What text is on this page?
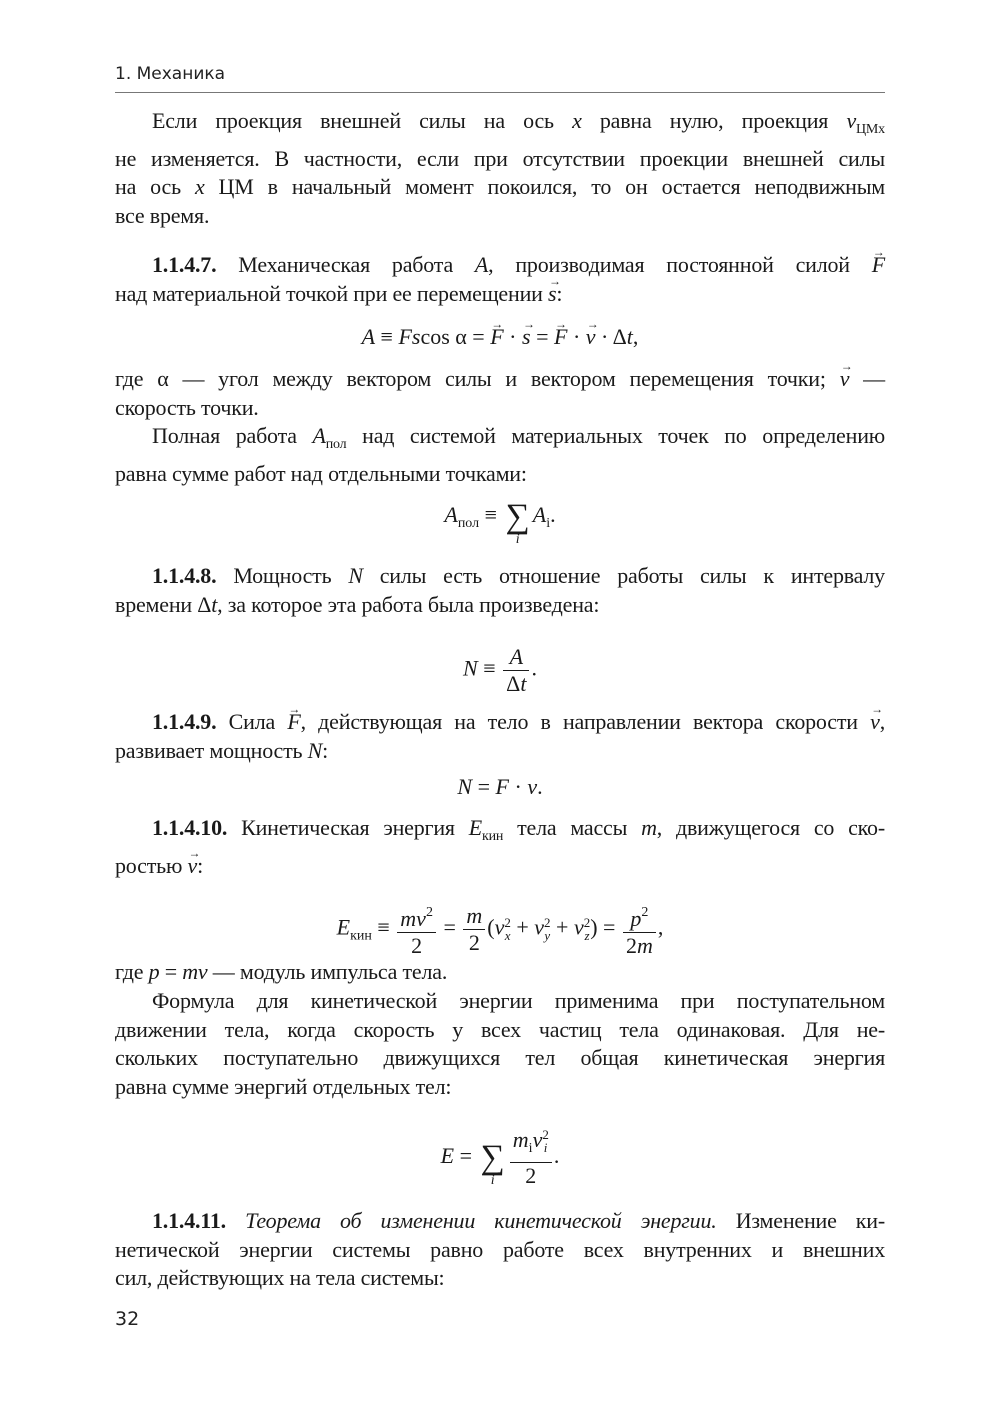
1. Механика
Если проекция внешней силы на ось x равна нулю, проекция $v_{ЦМx}$
не изменяется. В частности, если при отсутствии проекции внешней силы
на ось x ЦМ в начальный момент покоился, то он остается неподвижным
все время.
1.1.4.7. Механическая работа A, производимая постоянной силой F →
над материальной точкой при ее перемещении s →:
A ≡ Fscos α = F → · s → = F → · v → · Δt,
где α — угол между вектором силы и вектором перемещения точки; v → —
скорость точки.
Полная работа $A_{пол}$ над системой материальных точек по определению
равна сумме работ над отдельными точками:
$A_{пол}$ ≡ ∑
i
$A_i$.
1.1.4.8. Мощность N силы есть отношение работы силы к интервалу
времени Δt, за которое эта работа была произведена:
$N \equiv \frac{A}{\Delta t}$ .
1.1.4.9. Сила F →, действующая на тело в направлении вектора скорости v →,
развивает мощность N:
N = F · v.
1.1.4.10. Кинетическая энергия $E_{кин}$ тела массы m, движущегося со ско-
ростью v →:
$E_{кин} \equiv \frac{mv^2}{2} = \frac{m}{2} (v$ 2
x + v 2
y + v 2
z ) = $\frac{p^2}{2m}$ ,
где p = mv — модуль импульса тела.
Формула для кинетической энергии применима при поступательном
движении тела, когда скорость у всех частиц тела одинаковая. Для не-
скольких поступательно движущихся тел общая кинетическая энергия
равна сумме энергий отдельных тел:
E = ∑
i $m_iv$ 2
i
2 .
1.1.4.11. Теорема об изменении кинетической энергии. Изменение ки-
нетической энергии системы равно работе всех внутренних и внешних
сил, действующих на тела системы:
32
